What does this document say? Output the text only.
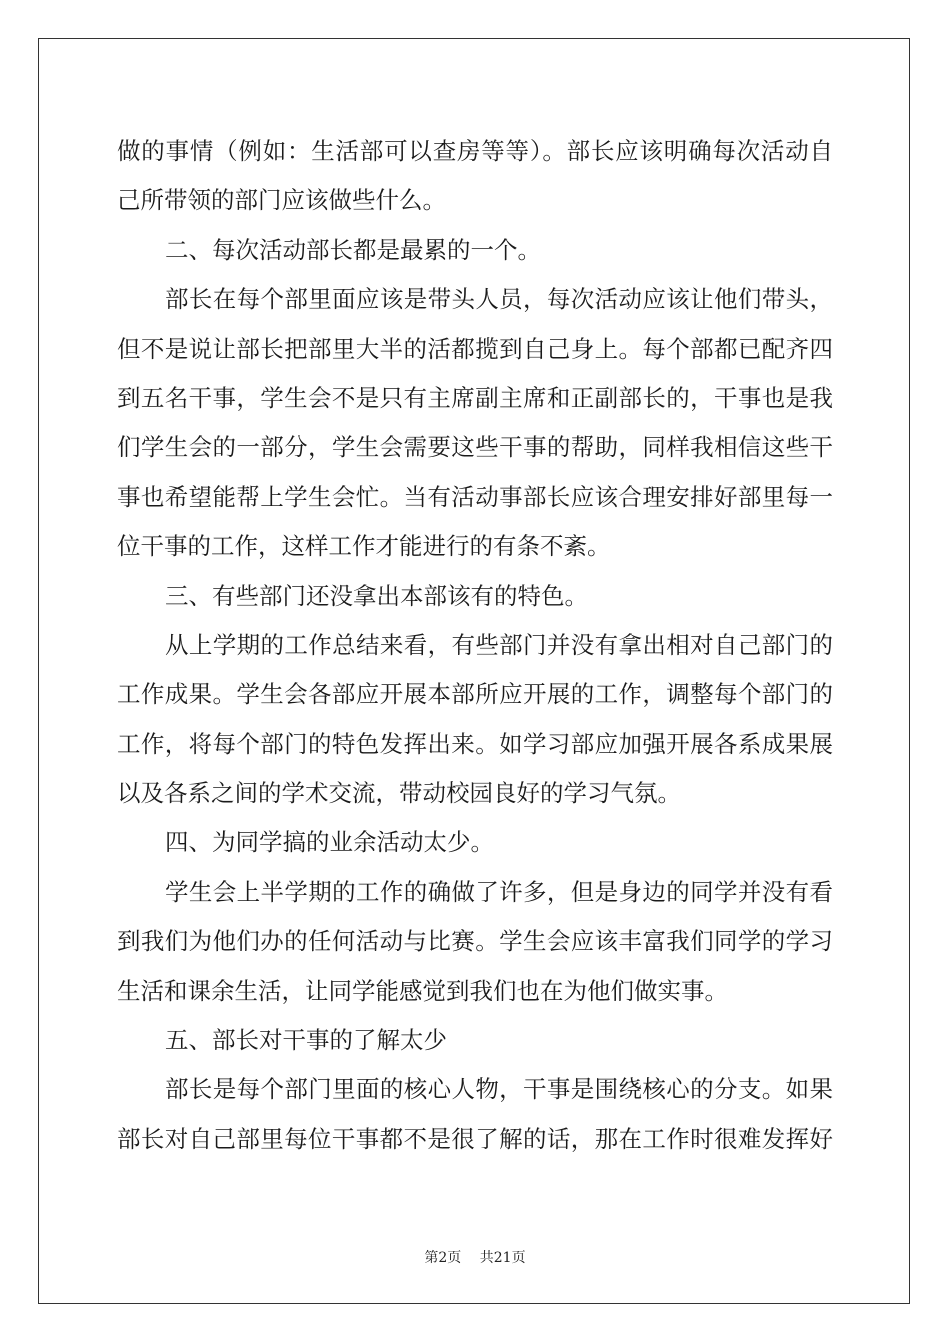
做的事情（例如：生活部可以查房等等）。部长应该明确每次活动自
己所带领的部门应该做些什么。
二、每次活动部长都是最累的一个。
部长在每个部里面应该是带头人员，每次活动应该让他们带头，
但不是说让部长把部里大半的活都揽到自己身上。每个部都已配齐四
到五名干事，学生会不是只有主席副主席和正副部长的，干事也是我
们学生会的一部分，学生会需要这些干事的帮助，同样我相信这些干
事也希望能帮上学生会忙。当有活动事部长应该合理安排好部里每一
位干事的工作，这样工作才能进行的有条不紊。
三、有些部门还没拿出本部该有的特色。
从上学期的工作总结来看，有些部门并没有拿出相对自己部门的
工作成果。学生会各部应开展本部所应开展的工作，调整每个部门的
工作，将每个部门的特色发挥出来。如学习部应加强开展各系成果展
以及各系之间的学术交流，带动校园良好的学习气氛。
四、为同学搞的业余活动太少。
学生会上半学期的工作的确做了许多，但是身边的同学并没有看
到我们为他们办的任何活动与比赛。学生会应该丰富我们同学的学习
生活和课余生活，让同学能感觉到我们也在为他们做实事。
五、部长对干事的了解太少
部长是每个部门里面的核心人物，干事是围绕核心的分支。如果
部长对自己部里每位干事都不是很了解的话，那在工作时很难发挥好
第2页 共21页
